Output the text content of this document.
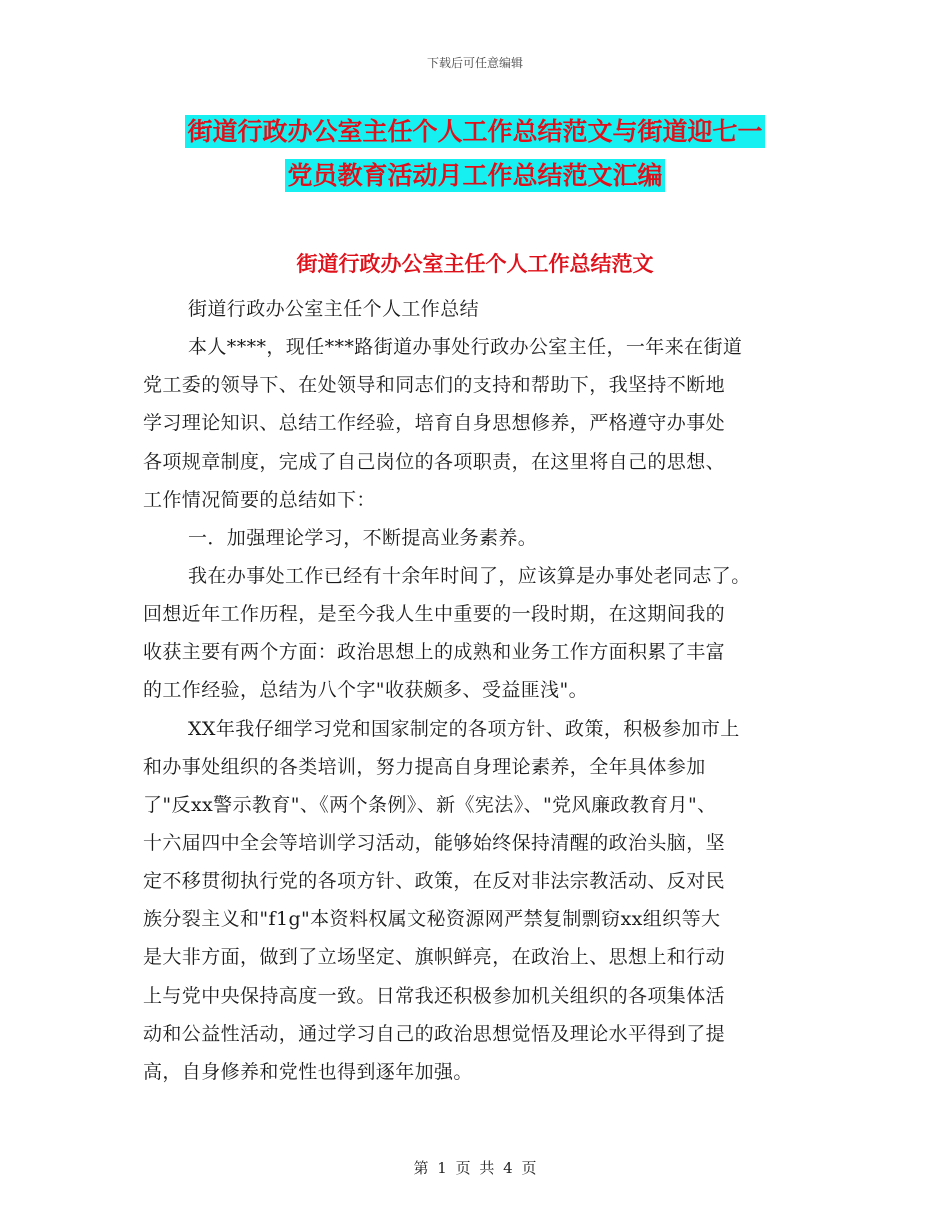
下载后可任意编辑
街道行政办公室主任个人工作总结范文与街道迎七一
党员教育活动月工作总结范文汇编
街道行政办公室主任个人工作总结范文
街道行政办公室主任个人工作总结
本人****，现任***路街道办事处行政办公室主任，一年来在街道
党工委的领导下、在处领导和同志们的支持和帮助下，我坚持不断地
学习理论知识、总结工作经验，培育自身思想修养，严格遵守办事处
各项规章制度，完成了自己岗位的各项职责，在这里将自己的思想、
工作情况简要的总结如下：
一．加强理论学习，不断提高业务素养。
我在办事处工作已经有十余年时间了，应该算是办事处老同志了。
回想近年工作历程，是至今我人生中重要的一段时期，在这期间我的
收获主要有两个方面：政治思想上的成熟和业务工作方面积累了丰富
的工作经验，总结为八个字"收获颇多、受益匪浅"。
XX年我仔细学习党和国家制定的各项方针、政策，积极参加市上
和办事处组织的各类培训，努力提高自身理论素养，全年具体参加
了"反xx警示教育"、《两个条例》、新《宪法》、"党风廉政教育月"、
十六届四中全会等培训学习活动，能够始终保持清醒的政治头脑，坚
定不移贯彻执行党的各项方针、政策，在反对非法宗教活动、反对民
族分裂主义和"f1g"本资料权属文秘资源网严禁复制剽窃xx组织等大
是大非方面，做到了立场坚定、旗帜鲜亮，在政治上、思想上和行动
上与党中央保持高度一致。日常我还积极参加机关组织的各项集体活
动和公益性活动，通过学习自己的政治思想觉悟及理论水平得到了提
高，自身修养和党性也得到逐年加强。
第 1 页 共 4 页
